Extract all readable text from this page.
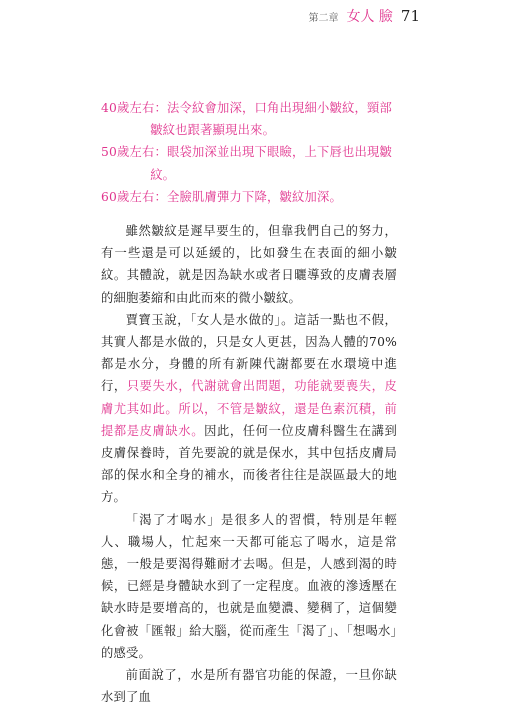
第二章 女人 臉 71
40歲左右：法令紋會加深，口角出現細小皺紋，頸部皺紋也跟著顯現出來。
50歲左右：眼袋加深並出現下眼瞼，上下唇也出現皺紋。
60歲左右：全臉肌膚彈力下降，皺紋加深。
雖然皺紋是遲早要生的，但靠我們自己的努力，有一些還是可以延緩的，比如發生在表面的細小皺紋。其體說，就是因為缺水或者日曬導致的皮膚表層的細胞萎縮和由此而來的微小皺紋。
賈寶玉說，「女人是水做的」。這話一點也不假，其實人都是水做的，只是女人更甚，因為人體的70%都是水分，身體的所有新陳代謝都要在水環境中進行，只要失水，代謝就會出問題，功能就要喪失，皮膚尤其如此。所以，不管是皺紋，還是色素沉積，前提都是皮膚缺水。因此，任何一位皮膚科醫生在講到皮膚保養時，首先要說的就是保水，其中包括皮膚局部的保水和全身的補水，而後者往往是誤區最大的地方。
「渴了才喝水」是很多人的習慣，特別是年輕人、職場人，忙起來一天都可能忘了喝水，這是常態，一般是要渴得難耐才去喝。但是，人感到渴的時候，已經是身體缺水到了一定程度。血液的滲透壓在缺水時是要增高的，也就是血變濃、變稠了，這個變化會被「匯報」給大腦，從而產生「渴了」、「想喝水」的感受。
前面說了，水是所有器官功能的保證，一旦你缺水到了血
